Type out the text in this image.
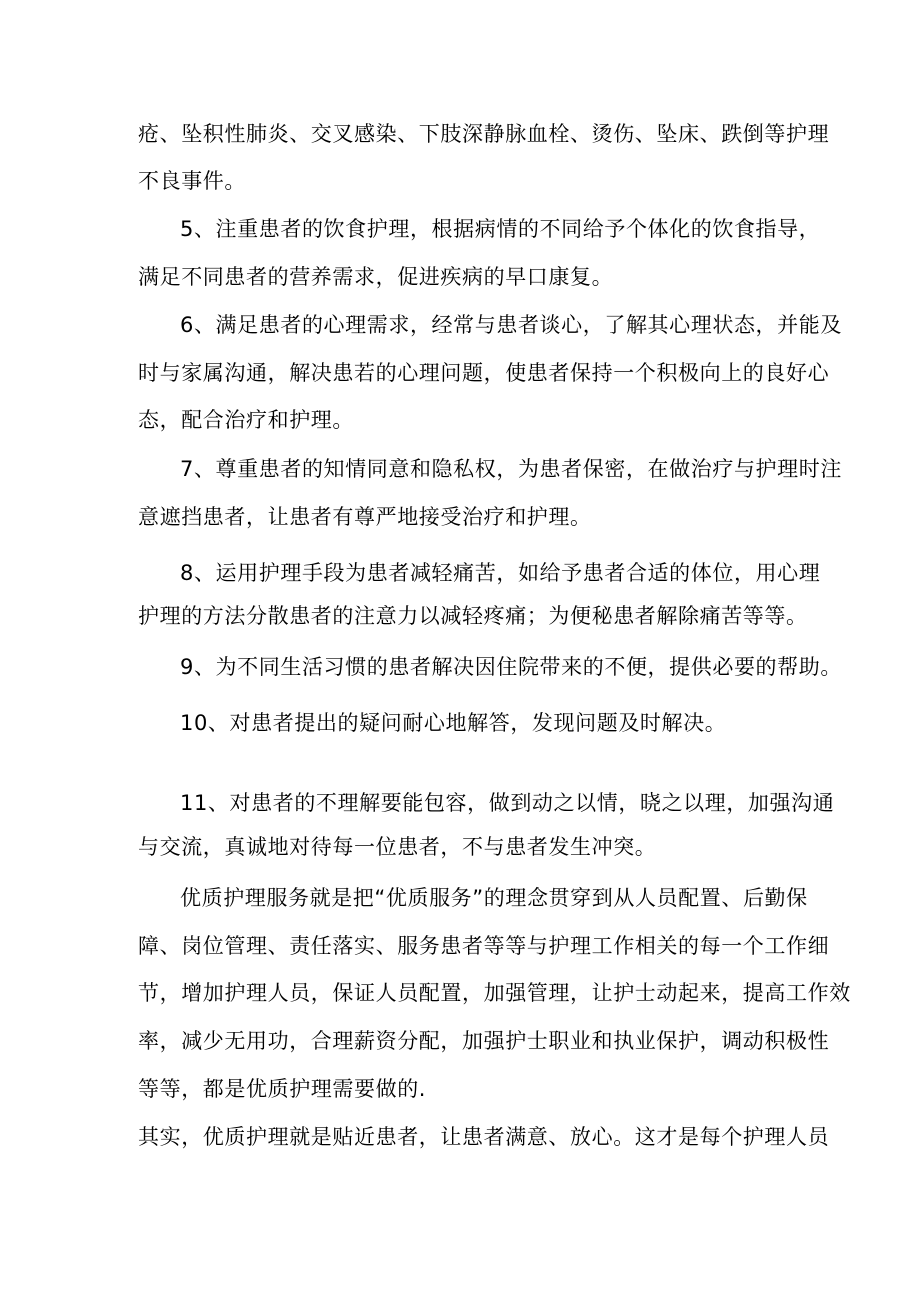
疮、坠积性肺炎、交叉感染、下肢深静脉血栓、烫伤、坠床、跌倒等护理
不良事件。
5、注重患者的饮食护理，根据病情的不同给予个体化的饮食指导，
满足不同患者的营养需求，促进疾病的早口康复。
6、满足患者的心理需求，经常与患者谈心，了解其心理状态，并能及
时与家属沟通，解决患若的心理问题，使患者保持一个积极向上的良好心
态，配合治疗和护理。
7、尊重患者的知情同意和隐私权，为患者保密，在做治疗与护理时注
意遮挡患者，让患者有尊严地接受治疗和护理。
8、运用护理手段为患者减轻痛苦，如给予患者合适的体位，用心理
护理的方法分散患者的注意力以减轻疼痛；为便秘患者解除痛苦等等。
9、为不同生活习惯的患者解决因住院带来的不便，提供必要的帮助。
10、对患者提出的疑问耐心地解答，发现问题及时解决。
11、对患者的不理解要能包容，做到动之以情，晓之以理，加强沟通
与交流，真诚地对待每一位患者，不与患者发生冲突。
优质护理服务就是把“优质服务”的理念贯穿到从人员配置、后勤保
障、岗位管理、责任落实、服务患者等等与护理工作相关的每一个工作细
节，增加护理人员，保证人员配置，加强管理，让护士动起来，提高工作效
率，减少无用功，合理薪资分配，加强护士职业和执业保护，调动积极性
等等，都是优质护理需要做的.
其实，优质护理就是贴近患者，让患者满意、放心。这才是每个护理人员
